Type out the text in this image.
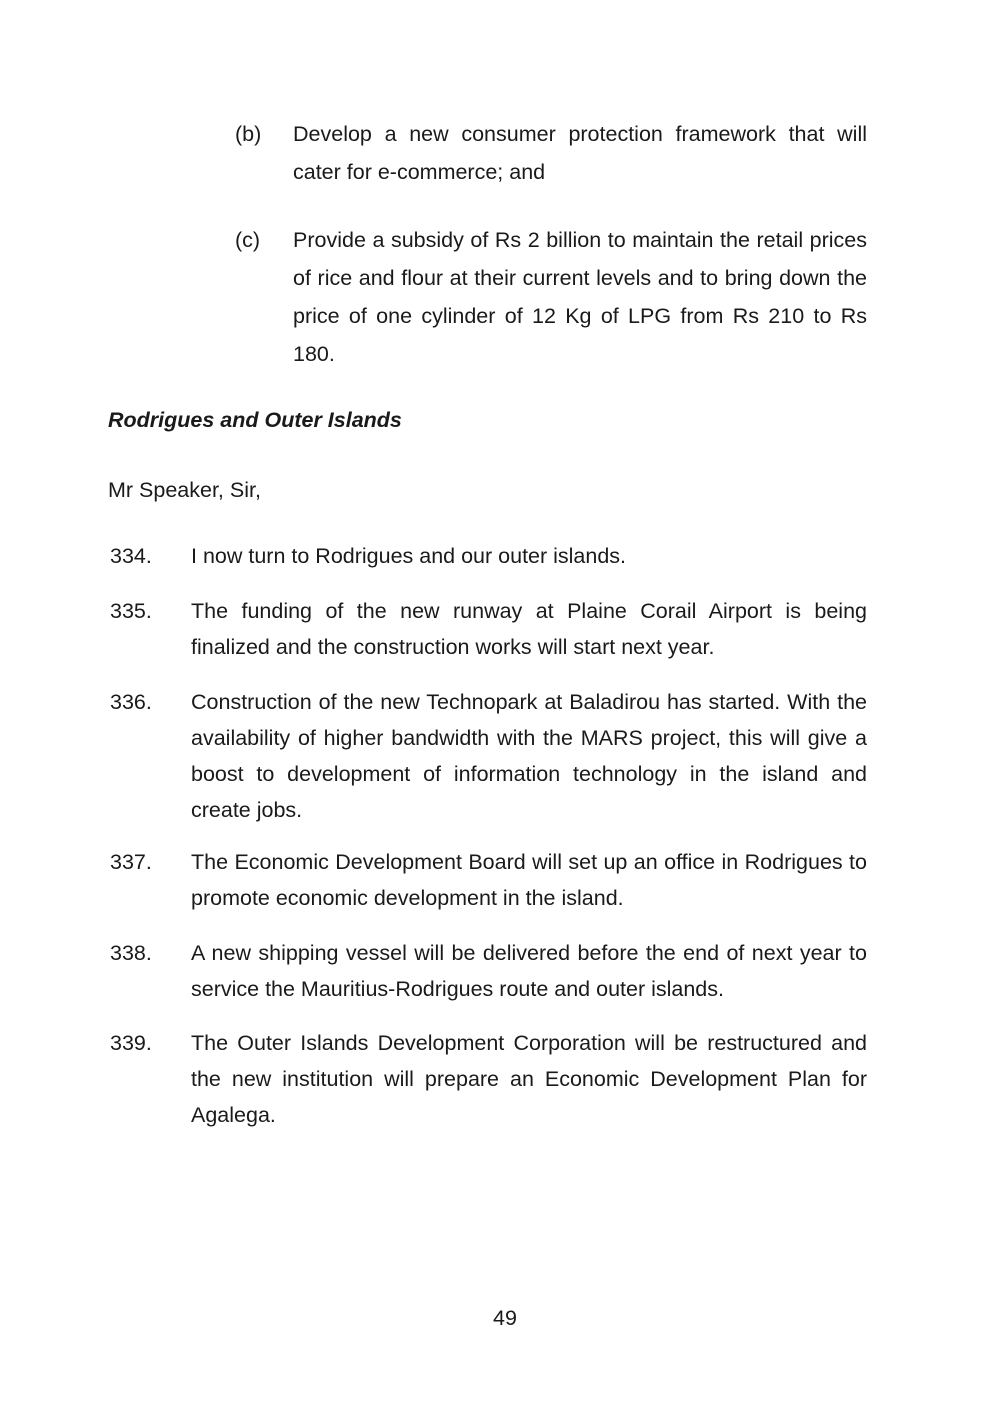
(b) Develop a new consumer protection framework that will cater for e-commerce; and
(c) Provide a subsidy of Rs 2 billion to maintain the retail prices of rice and flour at their current levels and to bring down the price of one cylinder of 12 Kg of LPG from Rs 210 to Rs 180.
Rodrigues and Outer Islands
Mr Speaker, Sir,
334. I now turn to Rodrigues and our outer islands.
335. The funding of the new runway at Plaine Corail Airport is being finalized and the construction works will start next year.
336. Construction of the new Technopark at Baladirou has started. With the availability of higher bandwidth with the MARS project, this will give a boost to development of information technology in the island and create jobs.
337. The Economic Development Board will set up an office in Rodrigues to promote economic development in the island.
338. A new shipping vessel will be delivered before the end of next year to service the Mauritius-Rodrigues route and outer islands.
339. The Outer Islands Development Corporation will be restructured and the new institution will prepare an Economic Development Plan for Agalega.
49
